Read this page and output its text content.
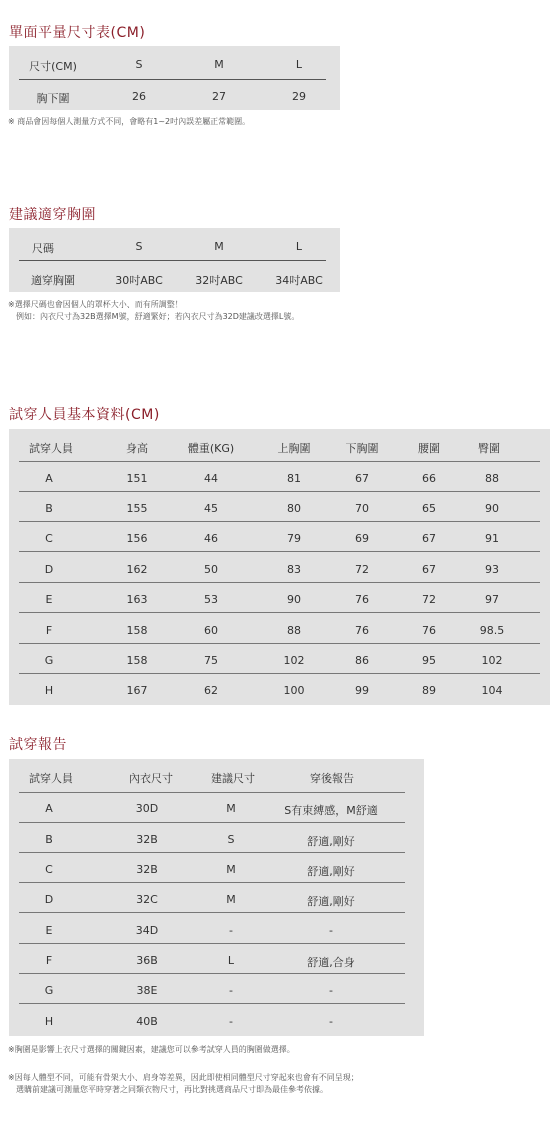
單面平量尺寸表(CM)
尺寸(CM)	S	M	L
胸下圍	26	27	29
※ 商品會因每個人測量方式不同，會略有1~2吋內誤差屬正常範圍。
建議適穿胸圍
尺碼	S	M	L
適穿胸圍	30吋ABC	32吋ABC	34吋ABC
※選擇尺碼也會因個人的罩杯大小、而有所調整！
例如：內衣尺寸為32B選擇M號，舒適緊好；若內衣尺寸為32D建議改選擇L號。
試穿人員基本資料(CM)
試穿人員	身高	體重(KG)	上胸圍	下胸圍	腰圍	臀圍
A	151	44	81	67	66	88
B	155	45	80	70	65	90
C	156	46	79	69	67	91
D	162	50	83	72	67	93
E	163	53	90	76	72	97
F	158	60	88	76	76	98.5
G	158	75	102	86	95	102
H	167	62	100	99	89	104
試穿報告
試穿人員	內衣尺寸	建議尺寸	穿後報告
A	30D	M	S有束縛感，M舒適
B	32B	S	舒適,剛好
C	32B	M	舒適,剛好
D	32C	M	舒適,剛好
E	34D	-	-
F	36B	L	舒適,合身
G	38E	-	-
H	40B	-	-
※胸圍是影響上衣尺寸選擇的關鍵因素，建議您可以參考試穿人員的胸圍做選擇。
※因每人體型不同，可能有骨架大小、肩身等差異，因此即使相同體型尺寸穿起來也會有不同呈現；
選購前建議可測量您平時穿著之同類衣物尺寸，再比對挑選商品尺寸即為最佳參考依據。
